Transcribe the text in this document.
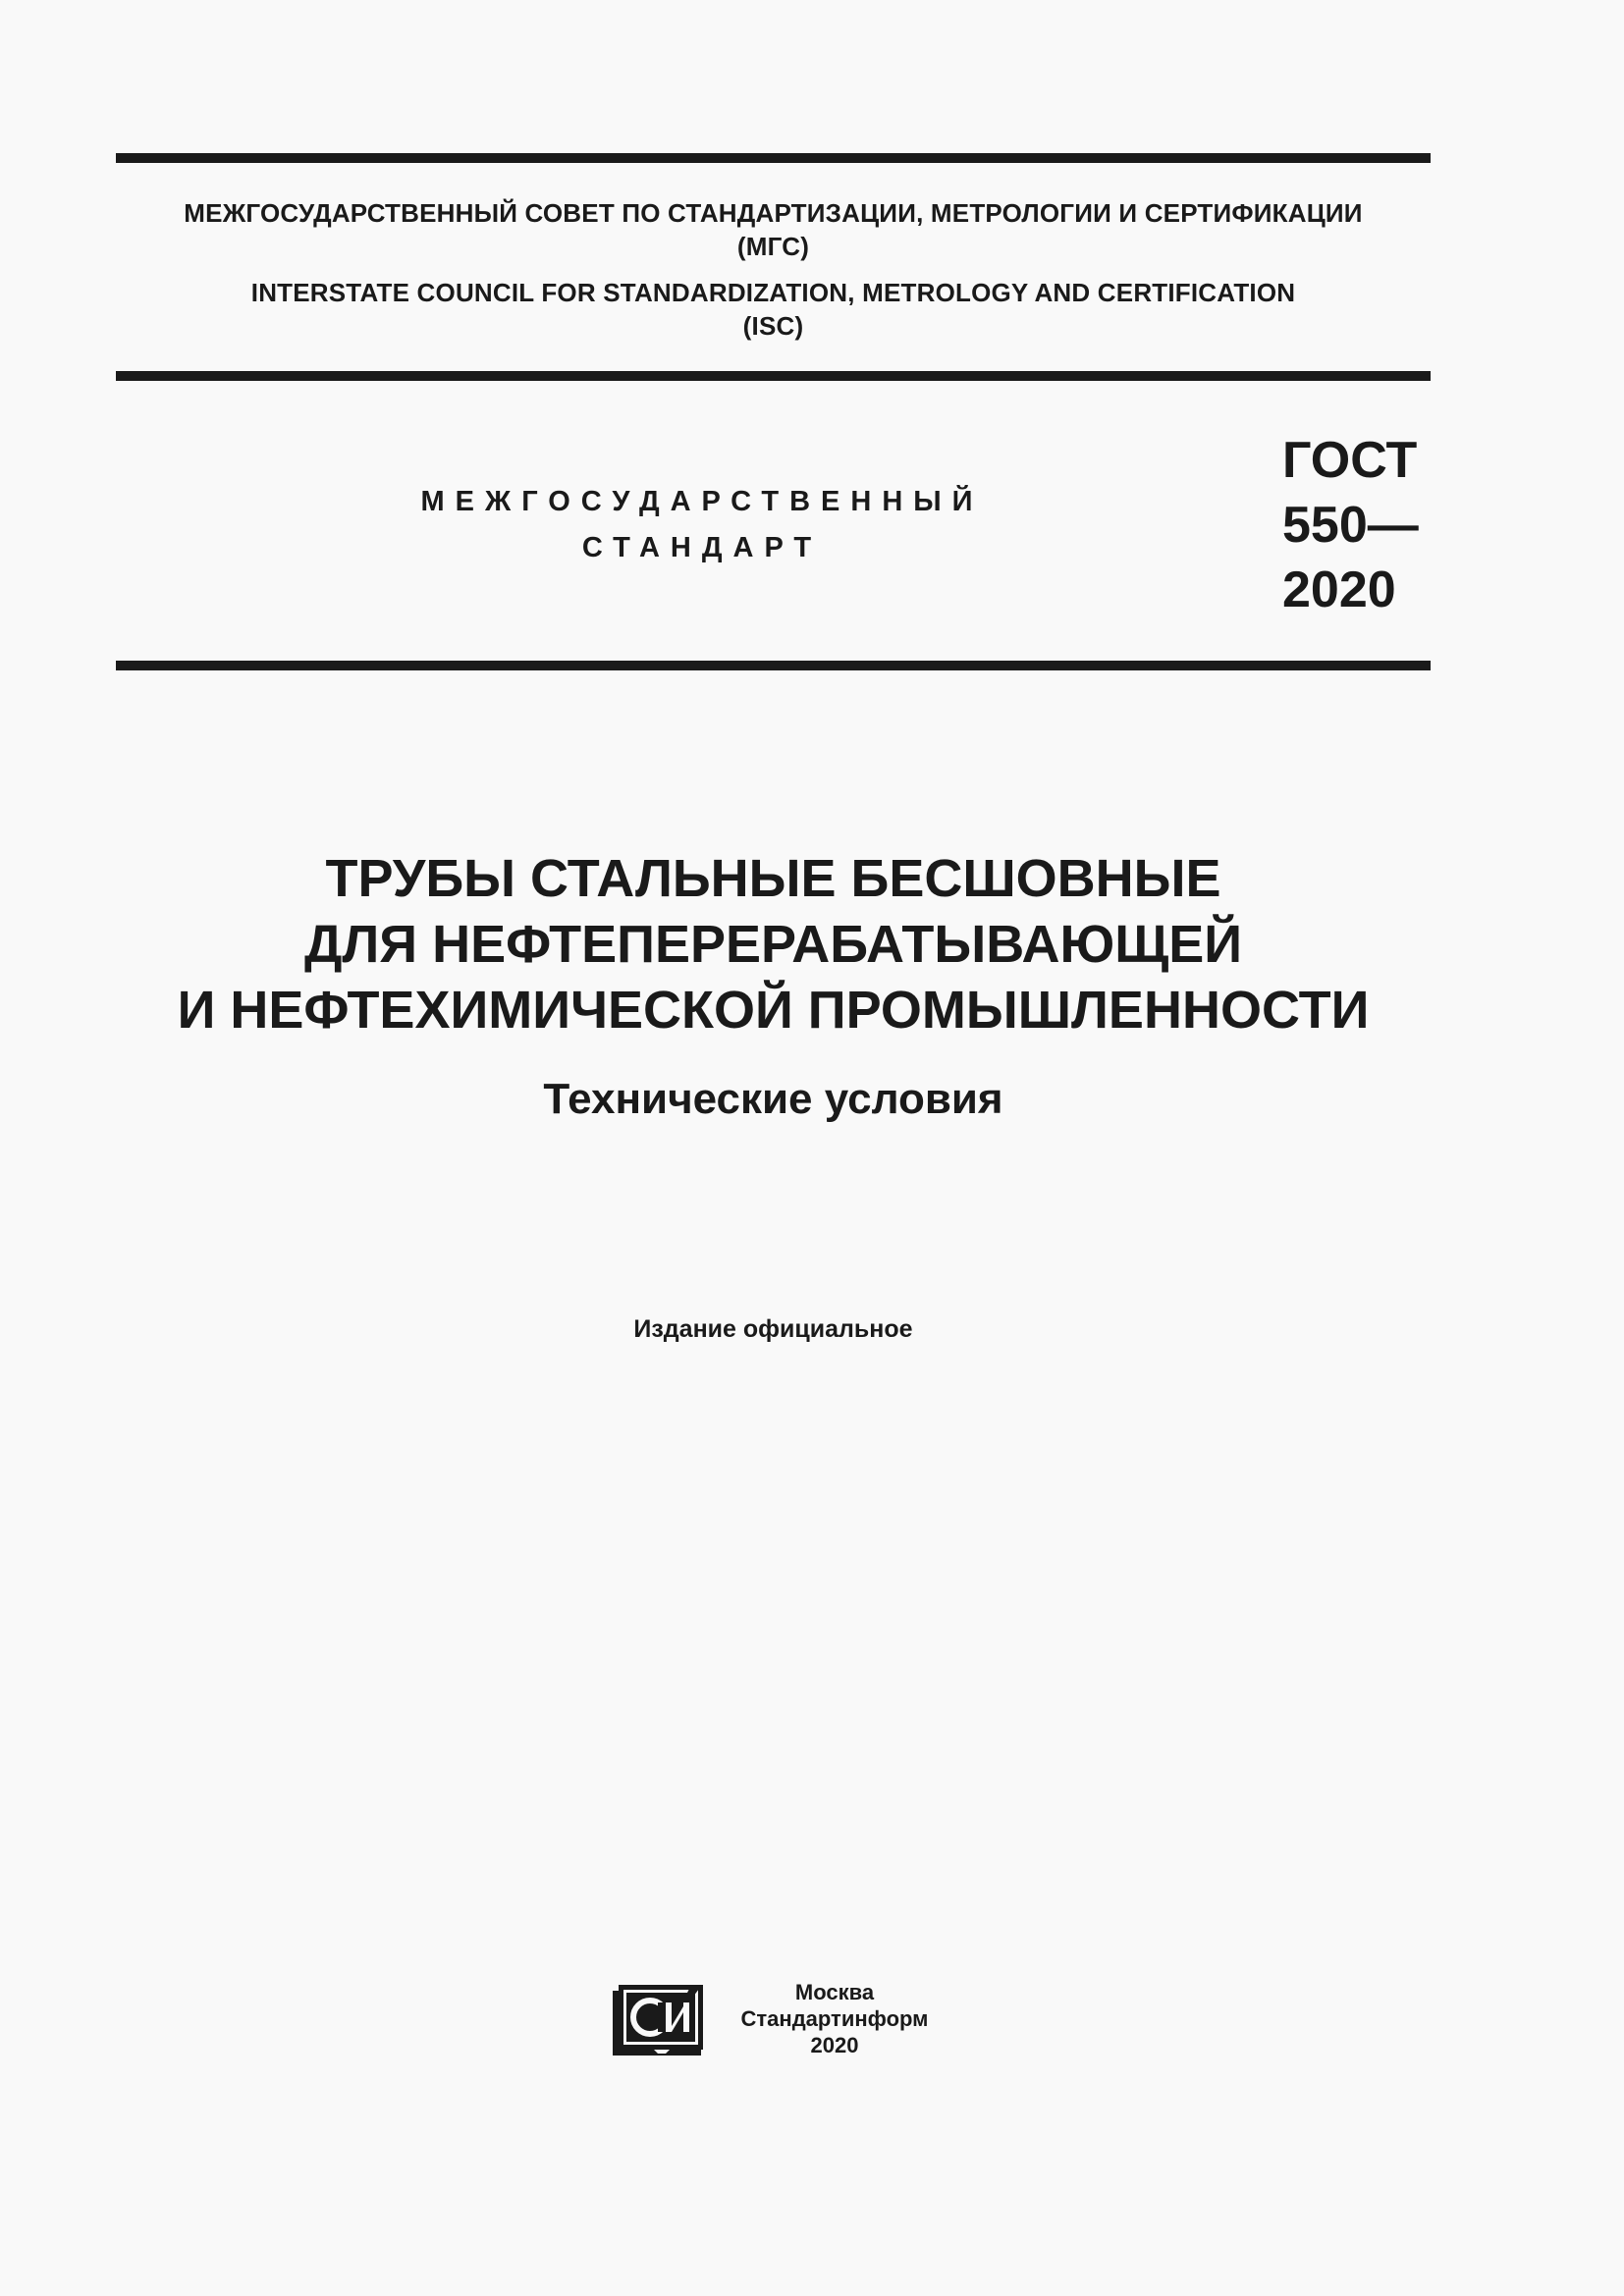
МЕЖГОСУДАРСТВЕННЫЙ СОВЕТ ПО СТАНДАРТИЗАЦИИ, МЕТРОЛОГИИ И СЕРТИФИКАЦИИ
(МГС)
INTERSTATE COUNCIL FOR STANDARDIZATION, METROLOGY AND CERTIFICATION
(ISC)
МЕЖГОСУДАРСТВЕННЫЙ
СТАНДАРТ
ГОСТ
550—
2020
ТРУБЫ СТАЛЬНЫЕ БЕСШОВНЫЕ
ДЛЯ НЕФТЕПЕРЕРАБАТЫВАЮЩЕЙ
И НЕФТЕХИМИЧЕСКОЙ ПРОМЫШЛЕННОСТИ
Технические условия
Издание официальное
Москва
Стандартинформ
2020
